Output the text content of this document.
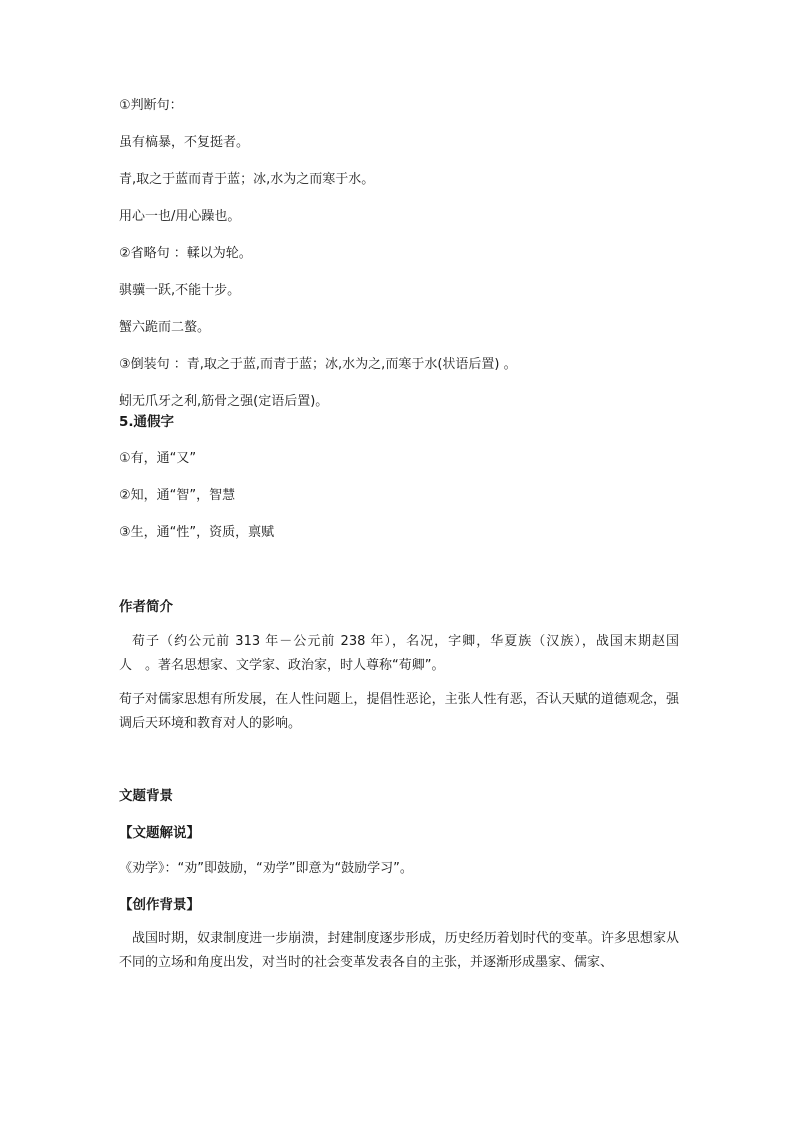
①判断句：

虽有槁暴，不复挺者。

青,取之于蓝而青于蓝；冰,水为之而寒于水。

用心一也/用心躁也。

②省略句 ：輮以为轮。

骐骥一跃,不能十步。

蟹六跪而二螯。

③倒装句 ：青,取之于蓝,而青于蓝；冰,水为之,而寒于水(状语后置) 。

蚓无爪牙之利,筋骨之强(定语后置)。

5.通假字

①有，通“又”

②知，通“智”，智慧

③生，通“性”，资质，禀赋

作者简介

荀子（约公元前 313 年－公元前 238 年），名况，字卿，华夏族（汉族），战国末期赵国人　。著名思想家、文学家、政治家，时人尊称“荀卿”。

荀子对儒家思想有所发展，在人性问题上，提倡性恶论，主张人性有恶，否认天赋的道德观念，强调后天环境和教育对人的影响。

文题背景

【文题解说】

《劝学》：“劝”即鼓励，“劝学”即意为“鼓励学习”。

【创作背景】

战国时期，奴隶制度进一步崩溃，封建制度逐步形成，历史经历着划时代的变革。许多思想家从不同的立场和角度出发，对当时的社会变革发表各自的主张，并逐渐形成墨家、儒家、
